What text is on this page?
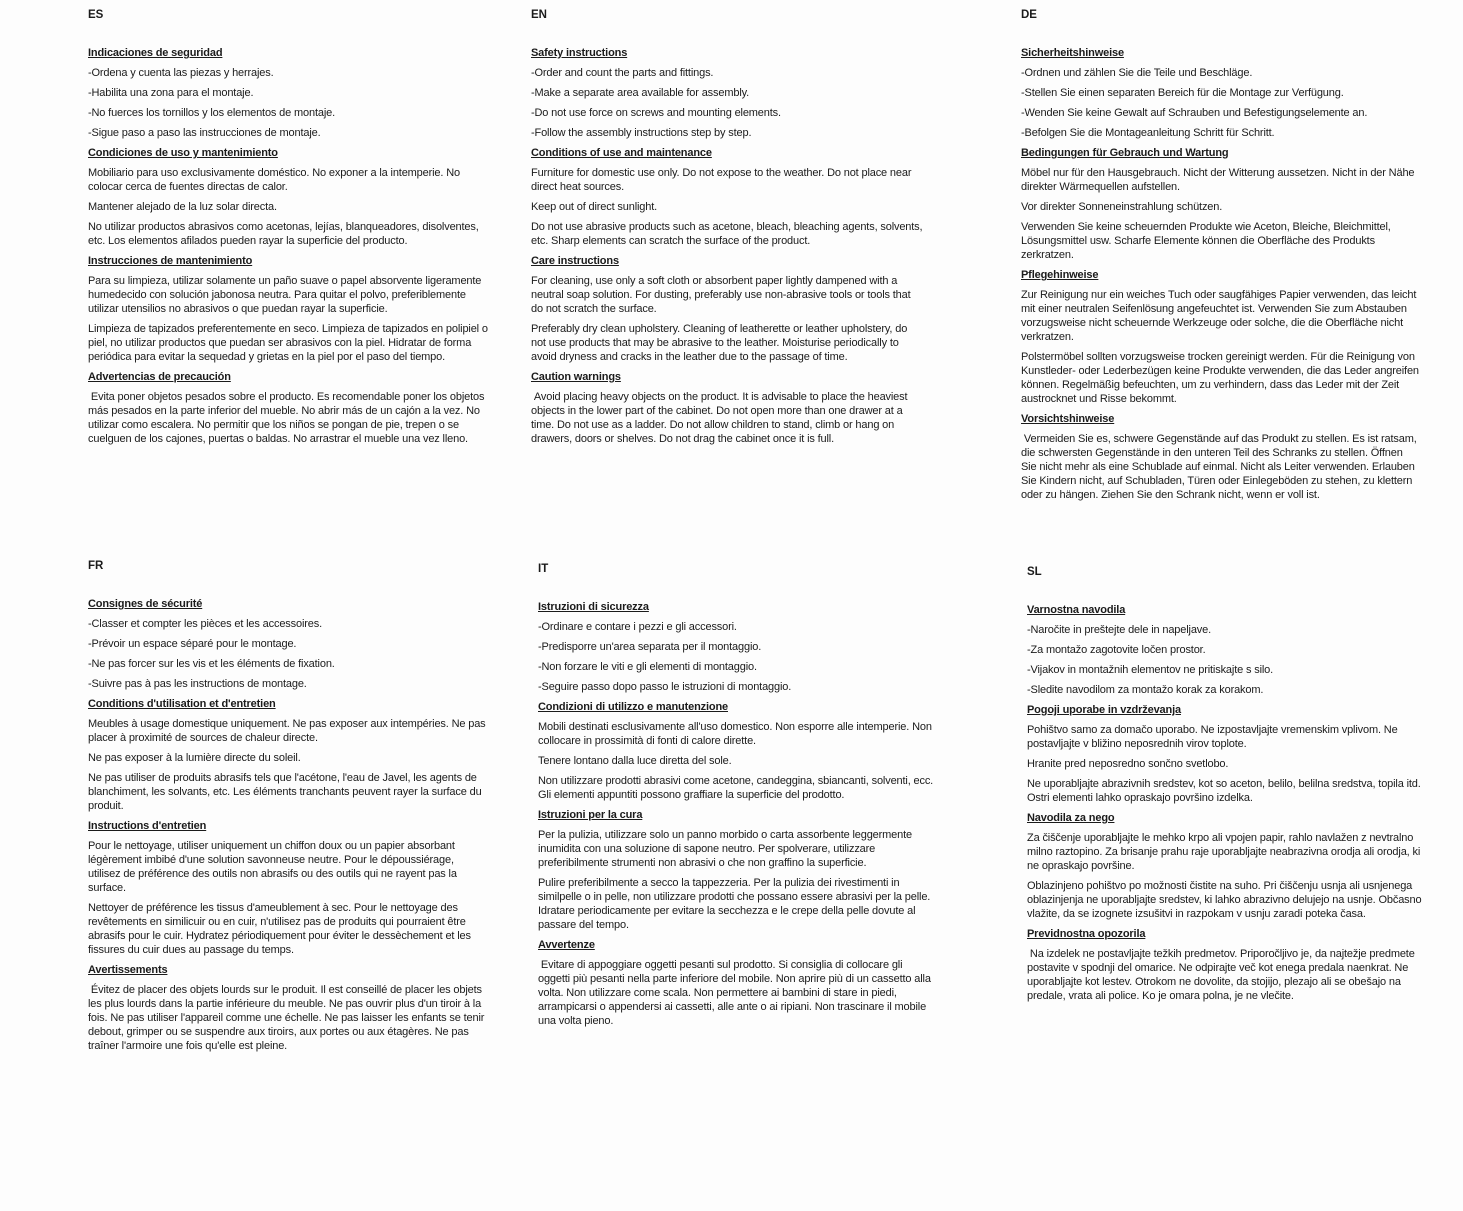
ES
Indicaciones de seguridad

-Ordena y cuenta las piezas y herrajes.

-Habilita una zona para el montaje.

-No fuerces los tornillos y los elementos de montaje.

-Sigue paso a paso las instrucciones de montaje.

Condiciones de uso y mantenimiento

Mobiliario para uso exclusivamente doméstico. No exponer a la intemperie. No colocar cerca de fuentes directas de calor.

Mantener alejado de la luz solar directa.

No utilizar productos abrasivos como acetonas, lejías, blanqueadores, disolventes, etc. Los elementos afilados pueden rayar la superficie del producto.

Instrucciones de mantenimiento

Para su limpieza, utilizar solamente un paño suave o papel absorvente ligeramente humedecido con solución jabonosa neutra. Para quitar el polvo, preferiblemente utilizar utensilios no abrasivos o que puedan rayar la superficie.

Limpieza de tapizados preferentemente en seco. Limpieza de tapizados en polipiel o piel, no utilizar productos que puedan ser abrasivos con la piel. Hidratar de forma periódica para evitar la sequedad y grietas en la piel por el paso del tiempo.

Advertencias de precaución

Evita poner objetos pesados sobre el producto. Es recomendable poner los objetos más pesados en la parte inferior del mueble. No abrir más de un cajón a la vez. No utilizar como escalera. No permitir que los niños se pongan de pie, trepen o se cuelguen de los cajones, puertas o baldas. No arrastrar el mueble una vez lleno.

EN
Safety instructions

-Order and count the parts and fittings.

-Make a separate area available for assembly.

-Do not use force on screws and mounting elements.

-Follow the assembly instructions step by step.

Conditions of use and maintenance

Furniture for domestic use only. Do not expose to the weather. Do not place near direct heat sources.

Keep out of direct sunlight.

Do not use abrasive products such as acetone, bleach, bleaching agents, solvents, etc. Sharp elements can scratch the surface of the product.

Care instructions

For cleaning, use only a soft cloth or absorbent paper lightly dampened with a neutral soap solution. For dusting, preferably use non-abrasive tools or tools that do not scratch the surface.

Preferably dry clean upholstery. Cleaning of leatherette or leather upholstery, do not use products that may be abrasive to the leather. Moisturise periodically to avoid dryness and cracks in the leather due to the passage of time.

Caution warnings

Avoid placing heavy objects on the product. It is advisable to place the heaviest objects in the lower part of the cabinet. Do not open more than one drawer at a time. Do not use as a ladder. Do not allow children to stand, climb or hang on drawers, doors or shelves. Do not drag the cabinet once it is full.

DE
Sicherheitshinweise

-Ordnen und zählen Sie die Teile und Beschläge.

-Stellen Sie einen separaten Bereich für die Montage zur Verfügung.

-Wenden Sie keine Gewalt auf Schrauben und Befestigungselemente an.

-Befolgen Sie die Montageanleitung Schritt für Schritt.

Bedingungen für Gebrauch und Wartung

Möbel nur für den Hausgebrauch. Nicht der Witterung aussetzen. Nicht in der Nähe direkter Wärmequellen aufstellen.

Vor direkter Sonneneinstrahlung schützen.

Verwenden Sie keine scheuernden Produkte wie Aceton, Bleiche, Bleichmittel, Lösungsmittel usw. Scharfe Elemente können die Oberfläche des Produkts zerkratzen.

Pflegehinweise

Zur Reinigung nur ein weiches Tuch oder saugfähiges Papier verwenden, das leicht mit einer neutralen Seifenlösung angefeuchtet ist. Verwenden Sie zum Abstauben vorzugsweise nicht scheuernde Werkzeuge oder solche, die die Oberfläche nicht verkratzen.

Polstermöbel sollten vorzugsweise trocken gereinigt werden. Für die Reinigung von Kunstleder- oder Lederbezügen keine Produkte verwenden, die das Leder angreifen können. Regelmäßig befeuchten, um zu verhindern, dass das Leder mit der Zeit austrocknet und Risse bekommt.

Vorsichtshinweise

Vermeiden Sie es, schwere Gegenstände auf das Produkt zu stellen. Es ist ratsam, die schwersten Gegenstände in den unteren Teil des Schranks zu stellen. Öffnen Sie nicht mehr als eine Schublade auf einmal. Nicht als Leiter verwenden. Erlauben Sie Kindern nicht, auf Schubladen, Türen oder Einlegeböden zu stehen, zu klettern oder zu hängen. Ziehen Sie den Schrank nicht, wenn er voll ist.

FR
Consignes de sécurité

-Classer et compter les pièces et les accessoires.

-Prévoir un espace séparé pour le montage.

-Ne pas forcer sur les vis et les éléments de fixation.

-Suivre pas à pas les instructions de montage.

Conditions d'utilisation et d'entretien

Meubles à usage domestique uniquement. Ne pas exposer aux intempéries. Ne pas placer à proximité de sources de chaleur directe.

Ne pas exposer à la lumière directe du soleil.

Ne pas utiliser de produits abrasifs tels que l'acétone, l'eau de Javel, les agents de blanchiment, les solvants, etc. Les éléments tranchants peuvent rayer la surface du produit.

Instructions d'entretien

Pour le nettoyage, utiliser uniquement un chiffon doux ou un papier absorbant légèrement imbibé d'une solution savonneuse neutre. Pour le dépoussiérage, utilisez de préférence des outils non abrasifs ou des outils qui ne rayent pas la surface.

Nettoyer de préférence les tissus d'ameublement à sec. Pour le nettoyage des revêtements en similicuir ou en cuir, n'utilisez pas de produits qui pourraient être abrasifs pour le cuir. Hydratez périodiquement pour éviter le dessèchement et les fissures du cuir dues au passage du temps.

Avertissements

Évitez de placer des objets lourds sur le produit. Il est conseillé de placer les objets les plus lourds dans la partie inférieure du meuble. Ne pas ouvrir plus d'un tiroir à la fois. Ne pas utiliser l'appareil comme une échelle. Ne pas laisser les enfants se tenir debout, grimper ou se suspendre aux tiroirs, aux portes ou aux étagères. Ne pas traîner l'armoire une fois qu'elle est pleine.

IT
Istruzioni di sicurezza

-Ordinare e contare i pezzi e gli accessori.

-Predisporre un'area separata per il montaggio.

-Non forzare le viti e gli elementi di montaggio.

-Seguire passo dopo passo le istruzioni di montaggio.

Condizioni di utilizzo e manutenzione

Mobili destinati esclusivamente all'uso domestico. Non esporre alle intemperie. Non collocare in prossimità di fonti di calore dirette.

Tenere lontano dalla luce diretta del sole.

Non utilizzare prodotti abrasivi come acetone, candeggina, sbiancanti, solventi, ecc. Gli elementi appuntiti possono graffiare la superficie del prodotto.

Istruzioni per la cura

Per la pulizia, utilizzare solo un panno morbido o carta assorbente leggermente inumidita con una soluzione di sapone neutro. Per spolverare, utilizzare preferibilmente strumenti non abrasivi o che non graffino la superficie.

Pulire preferibilmente a secco la tappezzeria. Per la pulizia dei rivestimenti in similpelle o in pelle, non utilizzare prodotti che possano essere abrasivi per la pelle. Idratare periodicamente per evitare la secchezza e le crepe della pelle dovute al passare del tempo.

Avvertenze

Evitare di appoggiare oggetti pesanti sul prodotto. Si consiglia di collocare gli oggetti più pesanti nella parte inferiore del mobile. Non aprire più di un cassetto alla volta. Non utilizzare come scala. Non permettere ai bambini di stare in piedi, arrampicarsi o appendersi ai cassetti, alle ante o ai ripiani. Non trascinare il mobile una volta pieno.

SL
Varnostna navodila

-Naročite in preštejte dele in napeljave.

-Za montažo zagotovite ločen prostor.

-Vijakov in montažnih elementov ne pritiskajte s silo.

-Sledite navodilom za montažo korak za korakom.

Pogoji uporabe in vzdrževanja

Pohištvo samo za domačo uporabo. Ne izpostavljajte vremenskim vplivom. Ne postavljajte v bližino neposrednih virov toplote.

Hranite pred neposredno sončno svetlobo.

Ne uporabljajte abrazivnih sredstev, kot so aceton, belilo, belilna sredstva, topila itd. Ostri elementi lahko opraskajo površino izdelka.

Navodila za nego

Za čiščenje uporabljajte le mehko krpo ali vpojen papir, rahlo navlažen z nevtralno milno raztopino. Za brisanje prahu raje uporabljajte neabrazivna orodja ali orodja, ki ne opraskajo površine.

Oblazinjeno pohištvo po možnosti čistite na suho. Pri čiščenju usnja ali usnjenega oblazinjenja ne uporabljajte sredstev, ki lahko abrazivno delujejo na usnje. Občasno vlažite, da se izognete izsušitvi in razpokam v usnju zaradi poteka časa.

Previdnostna opozorila

Na izdelek ne postavljajte težkih predmetov. Priporočljivo je, da najtežje predmete postavite v spodnji del omarice. Ne odpirajte več kot enega predala naenkrat. Ne uporabljajte kot lestev. Otrokom ne dovolite, da stojijo, plezajo ali se obešajo na predale, vrata ali police. Ko je omara polna, je ne vlečite.
